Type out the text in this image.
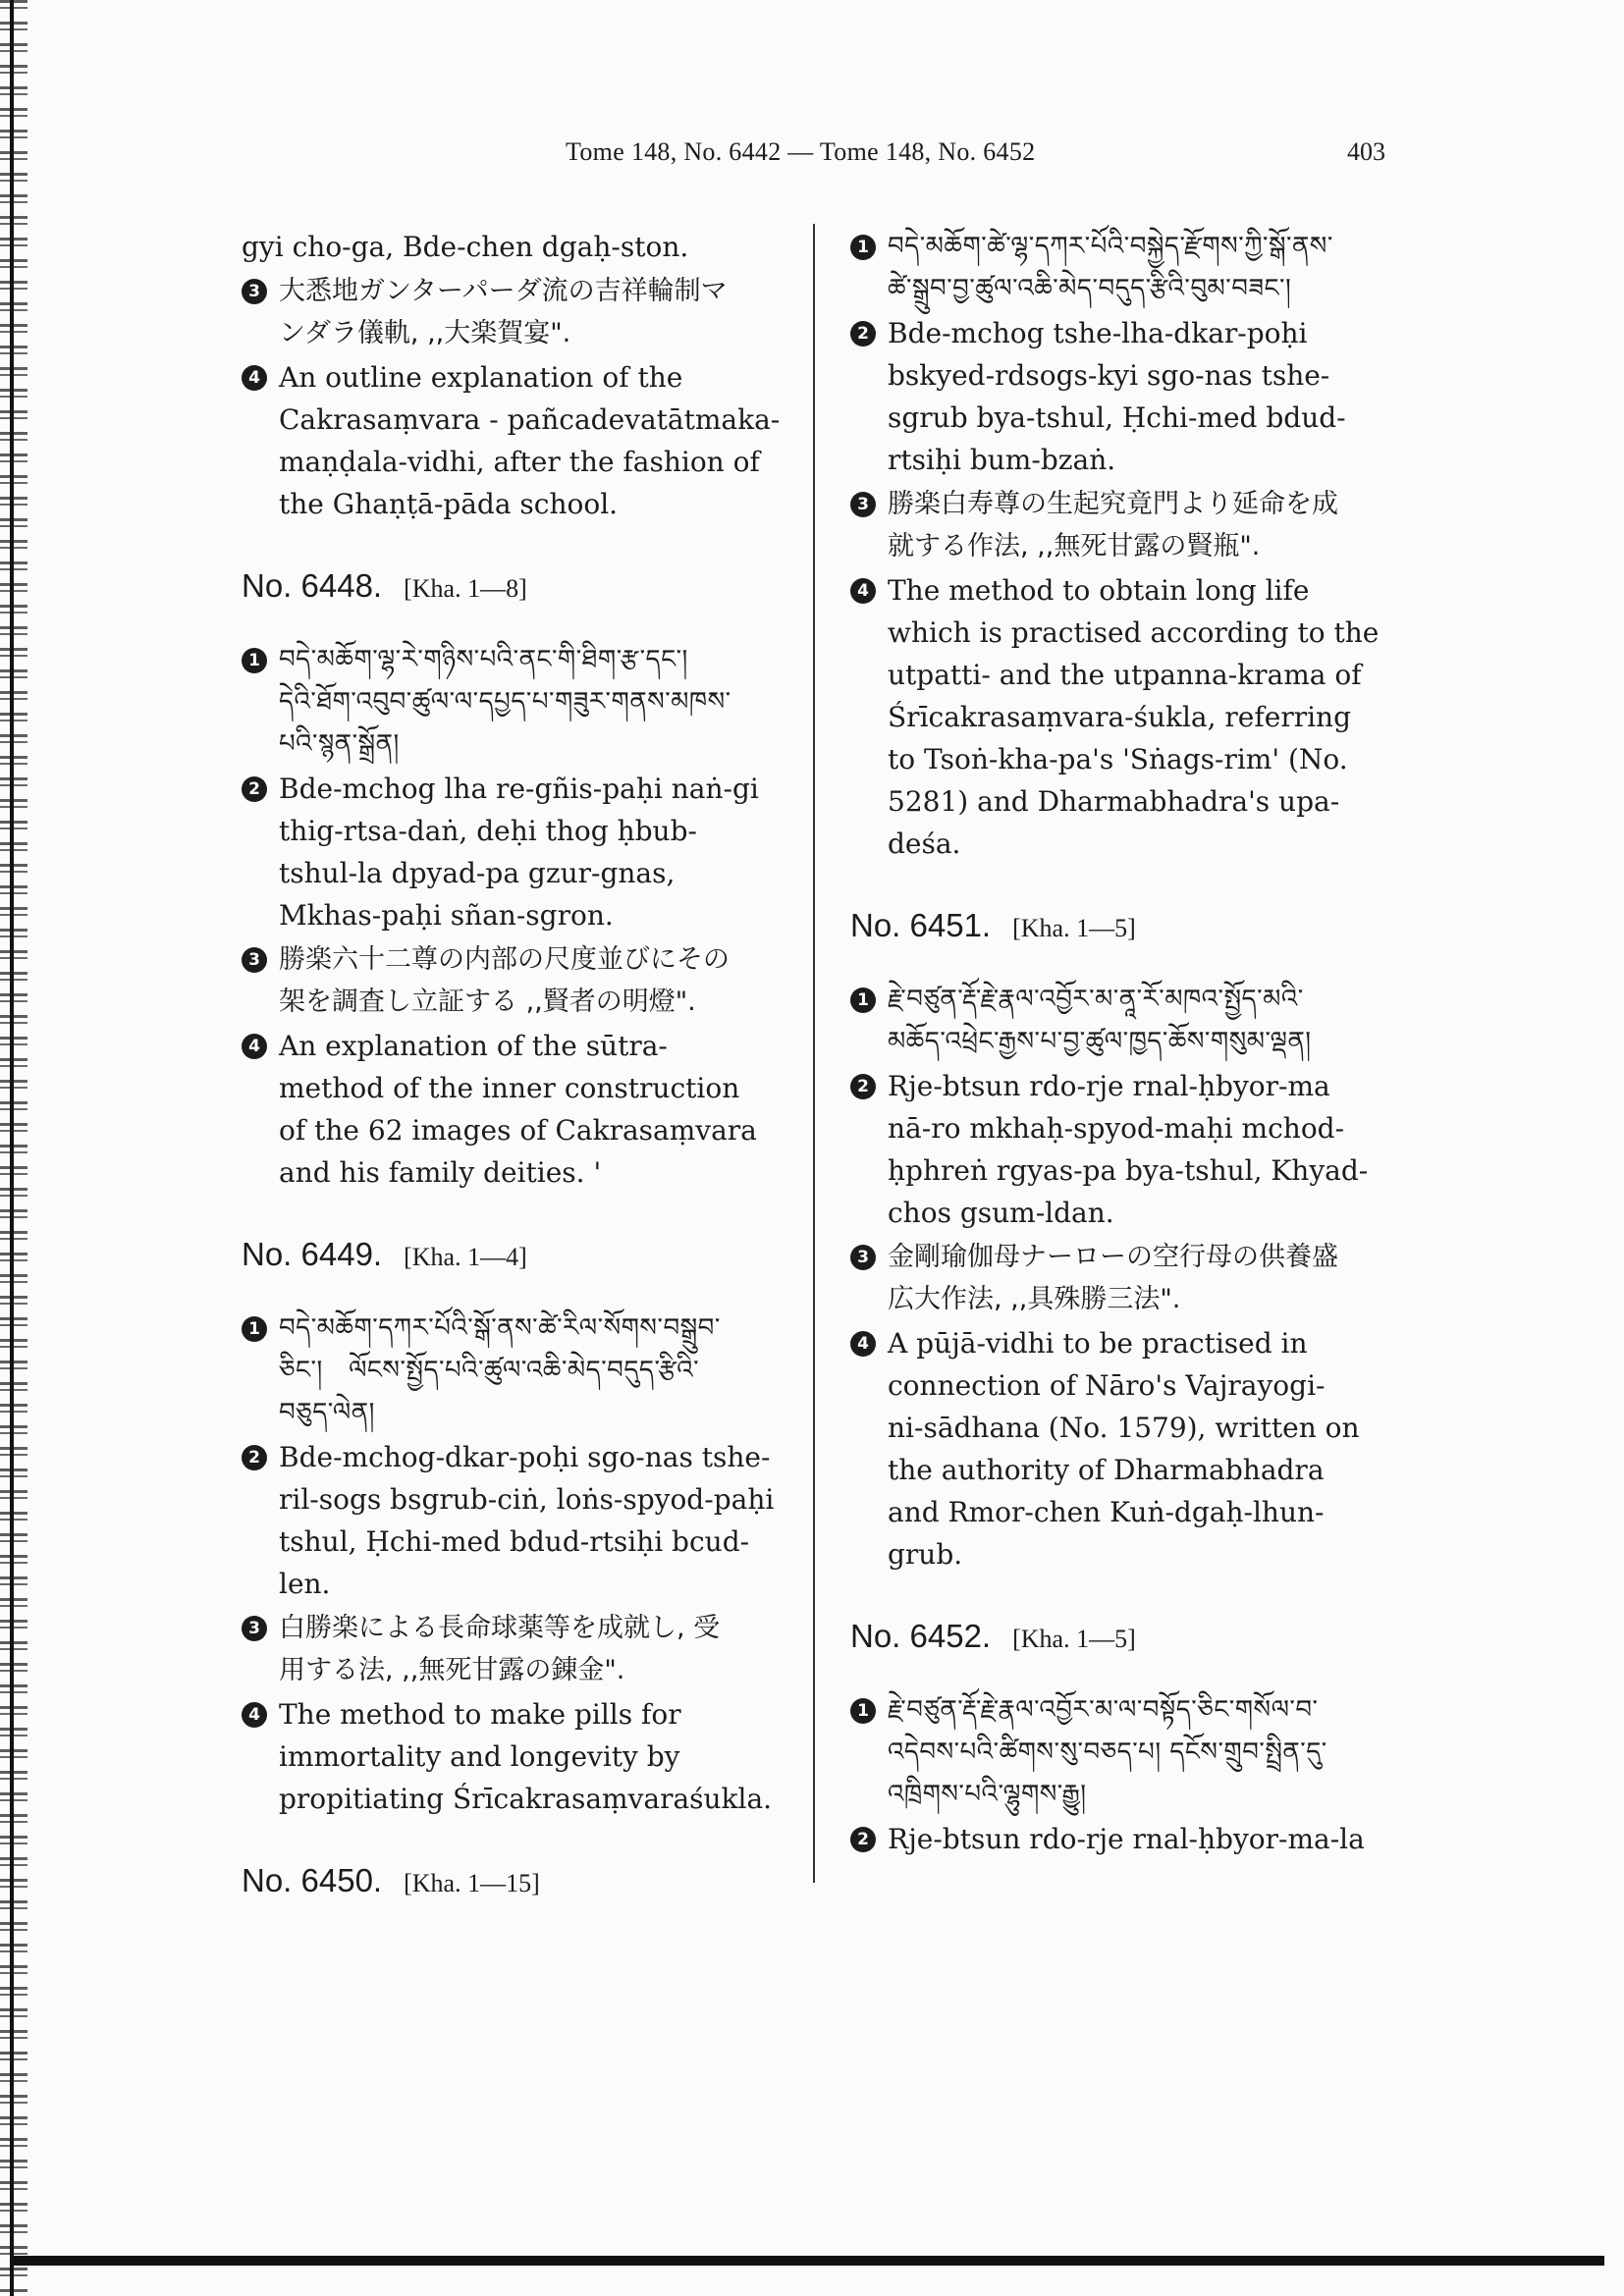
Tome 148, No. 6442 — Tome 148, No. 6452	403
gyi cho-ga, Bde-chen dgaḥ-ston.
3 大悉地ガンターパーダ流の吉祥輪制マ
ンダラ儀軌, ,,大楽賀宴".
4 An outline explanation of the
Cakrasaṃvara - pañcadevatātmaka-
maṇḍala-vidhi, after the fashion of
the Ghaṇṭā-pāda school.
No. 6448. [Kha. 1—8]
1 བདེ་མཆོག་ལྷ་རེ་གཉིས་པའི་ནང་གི་ཐིག་རྩ་དང་།
དེའི་ཐོག་འབུབ་ཚུལ་ལ་དཔྱད་པ་གཟུར་གནས་མཁས་
པའི་སྙན་སྒྲོན།
2 Bde-mchog lha re-gñis-paḥi naṅ-gi
thig-rtsa-daṅ, deḥi thog ḥbub-
tshul-la dpyad-pa gzur-gnas,
Mkhas-paḥi sñan-sgron.
3 勝楽六十二尊の内部の尺度並びにその
架を調査し立証する ,,賢者の明燈".
4 An explanation of the sūtra-
method of the inner construction
of the 62 images of Cakrasaṃvara
and his family deities. '
No. 6449. [Kha. 1—4]
1 བདེ་མཆོག་དཀར་པོའི་སྒོ་ནས་ཚེ་རིལ་སོགས་བསྒྲུབ་
ཅིང་།   ལོངས་སྤྱོད་པའི་ཚུལ་འཆི་མེད་བདུད་རྩིའི་
བཅུད་ལེན།
2 Bde-mchog-dkar-poḥi sgo-nas tshe-
ril-sogs bsgrub-ciṅ, loṅs-spyod-paḥi
tshul, Ḥchi-med bdud-rtsiḥi bcud-
len.
3 白勝楽による長命球薬等を成就し, 受
用する法, ,,無死甘露の錬金".
4 The method to make pills for
immortality and longevity by
propitiating Śrīcakrasaṃvaraśukla.
No. 6450. [Kha. 1—15]
1 བདེ་མཆོག་ཚེ་ལྷ་དཀར་པོའི་བསྐྱེད་རྫོགས་ཀྱི་སྒོ་ནས་
ཚེ་སྒྲུབ་བྱ་ཚུལ་འཆི་མེད་བདུད་རྩིའི་བུམ་བཟང་།
2 Bde-mchog tshe-lha-dkar-poḥi
bskyed-rdsogs-kyi sgo-nas tshe-
sgrub bya-tshul, Ḥchi-med bdud-
rtsiḥi bum-bzaṅ.
3 勝楽白寿尊の生起究竟門より延命を成
就する作法, ,,無死甘露の賢瓶".
4 The method to obtain long life
which is practised according to the
utpatti- and the utpanna-krama of
Śrīcakrasaṃvara-śukla, referring
to Tsoṅ-kha-pa's 'Sṅags-rim' (No.
5281) and Dharmabhadra's upa-
deśa.
No. 6451. [Kha. 1—5]
1 རྗེ་བཙུན་རྡོ་རྗེ་རྣལ་འབྱོར་མ་ནཱ་རོ་མཁའ་སྤྱོད་མའི་
མཆོད་འཕྲེང་རྒྱས་པ་བྱ་ཚུལ་ཁྱད་ཆོས་གསུམ་ལྡན།
2 Rje-btsun rdo-rje rnal-ḥbyor-ma
nā-ro mkhaḥ-spyod-maḥi mchod-
ḥphreṅ rgyas-pa bya-tshul, Khyad-
chos gsum-ldan.
3 金剛瑜伽母ナーローの空行母の供養盛
広大作法, ,,具殊勝三法".
4 A pūjā-vidhi to be practised in
connection of Nāro's Vajrayogi-
ni-sādhana (No. 1579), written on
the authority of Dharmabhadra
and Rmor-chen Kuṅ-dgaḥ-lhun-
grub.
No. 6452. [Kha. 1—5]
1 རྗེ་བཙུན་རྡོ་རྗེ་རྣལ་འབྱོར་མ་ལ་བསྟོད་ཅིང་གསོལ་བ་
འདེབས་པའི་ཚིགས་སུ་བཅད་པ། དངོས་གྲུབ་སྤྲིན་དུ་
འཁྲིགས་པའི་ལྷུགས་རྒྱུ།
2 Rje-btsun rdo-rje rnal-ḥbyor-ma-la
